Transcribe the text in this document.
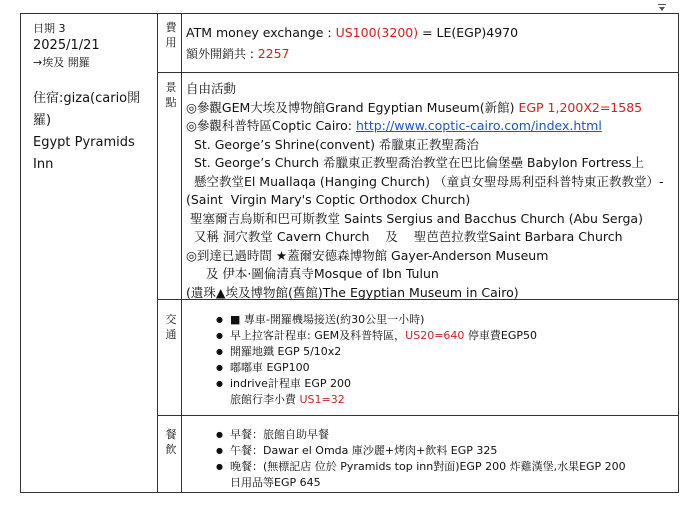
日期 3
2025/1/21
→埃及 開羅
住宿:giza(cario開羅)
Egypt Pyramids Inn
費
用
景
點
交
通
餐
飲
ATM money exchange : US100(3200) = LE(EGP)4970
額外開銷共 : 2257
自由活動
◎參觀GEM大埃及博物館Grand Egyptian Museum(新館) EGP 1,200X2=1585
◎參觀科普特區Coptic Cairo: http://www.coptic-cairo.com/index.html
St. George’s Shrine(convent) 希臘東正教聖喬治
St. George’s Church 希臘東正教聖喬治教堂在巴比倫堡壘 Babylon Fortress上
懸空教堂El Muallaqa (Hanging Church) （童貞女聖母馬利亞科普特東正教教堂）-
(Saint  Virgin Mary's Coptic Orthodox Church)
聖塞爾吉烏斯和巴可斯教堂 Saints Sergius and Bacchus Church (Abu Serga)
又稱 洞穴教堂 Cavern Church    及    聖芭芭拉教堂Saint Barbara Church
◎到達已過時間 ★蓋爾安德森博物館 Gayer-Anderson Museum
及 伊本·圖倫清真寺Mosque of Ibn Tulun
(遺珠▲埃及博物館(舊館)The Egyptian Museum in Cairo)
● ■ 專車-開羅機場接送(約30公里一小時)
● 早上拉客計程車: GEM及科普特區，US20=640 停車費EGP50
● 開羅地鐵 EGP 5/10x2
● 嘟嘟車 EGP100
● indrive計程車 EGP 200
旅館行李小費 US1=32
● 早餐：旅館自助早餐
● 午餐：Dawar el Omda 庫沙麗+烤肉+飲料 EGP 325
● 晚餐：(無標記店 位於 Pyramids top inn對面)EGP 200 炸雞漢堡,水果EGP 200
日用品等EGP 645
